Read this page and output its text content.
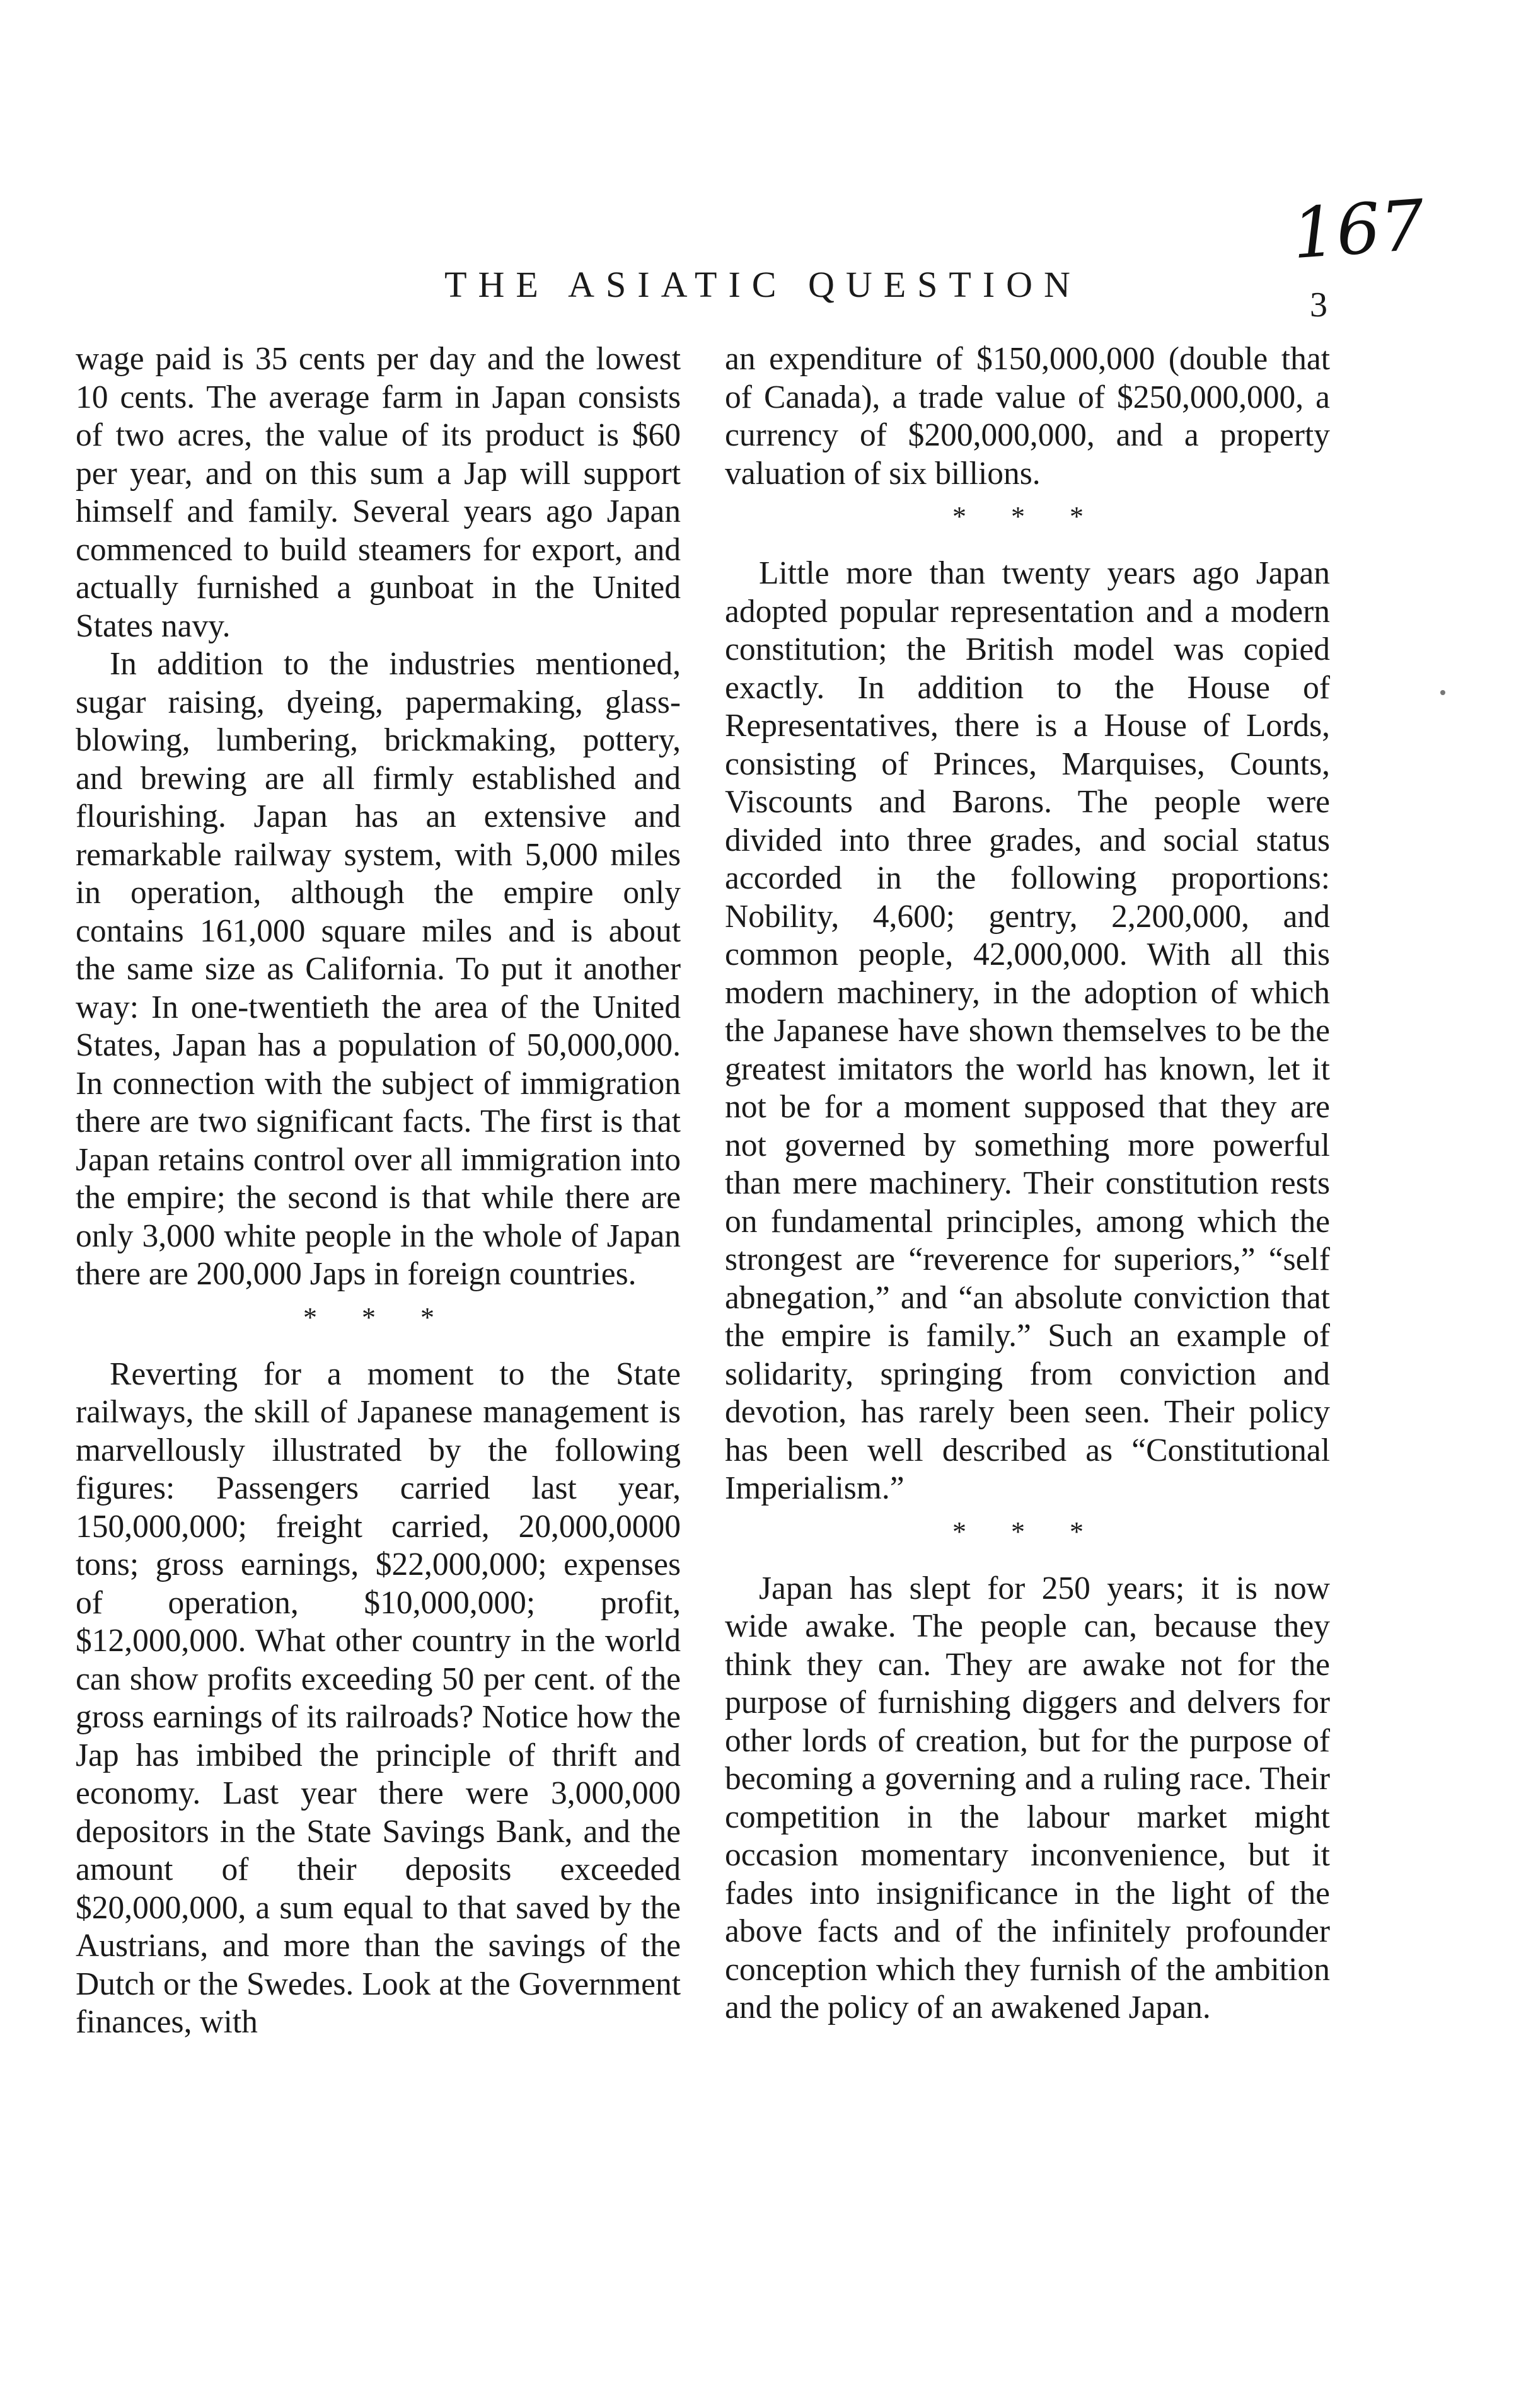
167
THE ASIATIC QUESTION	3

wage paid is 35 cents per day and the lowest 10 cents. The average farm in Japan consists of two acres, the value of its product is $60 per year, and on this sum a Jap will support himself and family. Several years ago Japan commenced to build steamers for export, and actually furnished a gunboat in the United States navy.

In addition to the industries mentioned, sugar raising, dyeing, papermaking, glass-blowing, lumbering, brickmaking, pottery, and brewing are all firmly established and flourishing. Japan has an extensive and remarkable railway system, with 5,000 miles in operation, although the empire only contains 161,000 square miles and is about the same size as California. To put it another way: In one-twentieth the area of the United States, Japan has a population of 50,000,000. In connection with the subject of immigration there are two significant facts. The first is that Japan retains control over all immigration into the empire; the second is that while there are only 3,000 white people in the whole of Japan there are 200,000 Japs in foreign countries.

* * *

Reverting for a moment to the State railways, the skill of Japanese management is marvellously illustrated by the following figures: Passengers carried last year, 150,000,000; freight carried, 20,000,0000 tons; gross earnings, $22,000,000; expenses of operation, $10,000,000; profit, $12,000,000. What other country in the world can show profits exceeding 50 per cent. of the gross earnings of its railroads? Notice how the Jap has imbibed the principle of thrift and economy. Last year there were 3,000,000 depositors in the State Savings Bank, and the amount of their deposits exceeded $20,000,000, a sum equal to that saved by the Austrians, and more than the savings of the Dutch or the Swedes. Look at the Government finances, with

an expenditure of $150,000,000 (double that of Canada), a trade value of $250,000,000, a currency of $200,000,000, and a property valuation of six billions.

* * *

Little more than twenty years ago Japan adopted popular representation and a modern constitution; the British model was copied exactly. In addition to the House of Representatives, there is a House of Lords, consisting of Princes, Marquises, Counts, Viscounts and Barons. The people were divided into three grades, and social status accorded in the following proportions: Nobility, 4,600; gentry, 2,200,000, and common people, 42,000,000. With all this modern machinery, in the adoption of which the Japanese have shown themselves to be the greatest imitators the world has known, let it not be for a moment supposed that they are not governed by something more powerful than mere machinery. Their constitution rests on fundamental principles, among which the strongest are “reverence for superiors,” “self abnegation,” and “an absolute conviction that the empire is family.” Such an example of solidarity, springing from conviction and devotion, has rarely been seen. Their policy has been well described as “Constitutional Imperialism.”

* * *

Japan has slept for 250 years; it is now wide awake. The people can, because they think they can. They are awake not for the purpose of furnishing diggers and delvers for other lords of creation, but for the purpose of becoming a governing and a ruling race. Their competition in the labour market might occasion momentary inconvenience, but it fades into insignificance in the light of the above facts and of the infinitely profounder conception which they furnish of the ambition and the policy of an awakened Japan.
